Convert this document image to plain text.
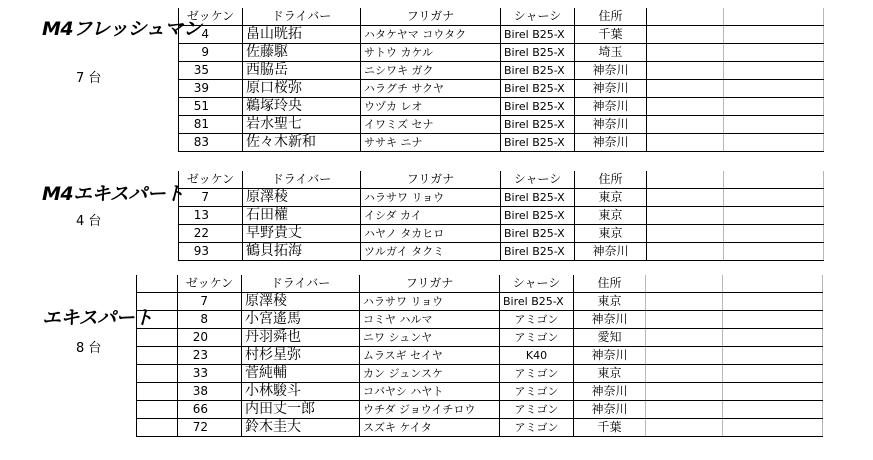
M4フレッシュマン
7 台
ゼッケン	ドライバー	フリガナ	シャーシ	住所		
4	畠山晄拓	ハタケヤマ コウタク	Birel B25-X	千葉		
9	佐藤駆	サトウ カケル	Birel B25-X	埼玉		
35	西脇岳	ニシワキ ガク	Birel B25-X	神奈川		
39	原口桜弥	ハラグチ サクヤ	Birel B25-X	神奈川		
51	鵜塚玲央	ウヅカ レオ	Birel B25-X	神奈川		
81	岩水聖七	イワミズ セナ	Birel B25-X	神奈川		
83	佐々木新和	ササキ ニナ	Birel B25-X	神奈川		
M4エキスパート
4 台
ゼッケン	ドライバー	フリガナ	シャーシ	住所		
7	原澤稜	ハラサワ リョウ	Birel B25-X	東京		
13	石田權	イシダ カイ	Birel B25-X	東京		
22	早野貴丈	ハヤノ タカヒロ	Birel B25-X	東京		
93	鶴貝拓海	ツルガイ タクミ	Birel B25-X	神奈川		
エキスパート
8 台
	ゼッケン	ドライバー	フリガナ	シャーシ	住所		
	7	原澤稜	ハラサワ リョウ	Birel B25-X	東京		
	8	小宮遙馬	コミヤ ハルマ	アミゴン	神奈川		
	20	丹羽舜也	ニワ シュンヤ	アミゴン	愛知		
	23	村杉星弥	ムラスギ セイヤ	K40	神奈川		
	33	菅純輔	カン ジュンスケ	アミゴン	東京		
	38	小林駿斗	コバヤシ ハヤト	アミゴン	神奈川		
	66	内田丈一郎	ウチダ ジョウイチロウ	アミゴン	神奈川		
	72	鈴木圭大	スズキ ケイタ	アミゴン	千葉		
